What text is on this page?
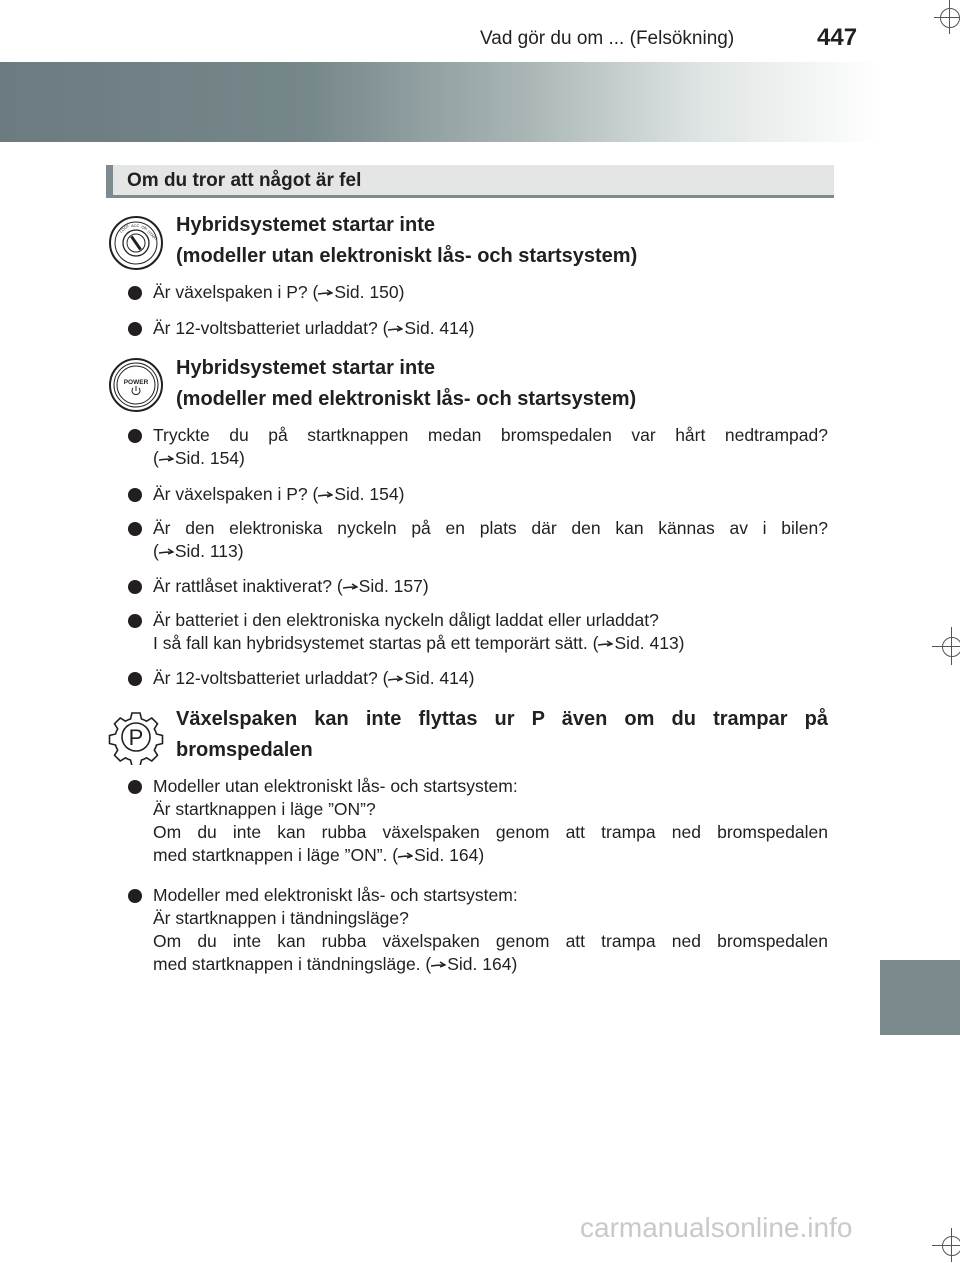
Vad gör du om ... (Felsökning)	447
Om du tror att något är fel
LOCK ACC ON
START Hybridsystemet startar inte
(modeller utan elektroniskt lås- och startsystem)
Är växelspaken i P? ( Sid. 150)
Är 12-voltsbatteriet urladdat? ( Sid. 414)
POWER
Hybridsystemet startar inte
(modeller med elektroniskt lås- och startsystem)
Tryckte du på startknappen medan bromspedalen var hårt nedtrampad?
( Sid. 154)
Är växelspaken i P? ( Sid. 154)
Är den elektroniska nyckeln på en plats där den kan kännas av i bilen?
( Sid. 113)
Är rattlåset inaktiverat? ( Sid. 157)
Är batteriet i den elektroniska nyckeln dåligt laddat eller urladdat?
I så fall kan hybridsystemet startas på ett temporärt sätt. ( Sid. 413)
Är 12-voltsbatteriet urladdat? ( Sid. 414)
P
Växelspaken kan inte flyttas ur P även om du trampar på
bromspedalen
Modeller utan elektroniskt lås- och startsystem:
Är startknappen i läge ”ON”?
Om du inte kan rubba växelspaken genom att trampa ned bromspedalen
med startknappen i läge ”ON”. ( Sid. 164)
Modeller med elektroniskt lås- och startsystem:
Är startknappen i tändningsläge?
Om du inte kan rubba växelspaken genom att trampa ned bromspedalen
med startknappen i tändningsläge. ( Sid. 164)
carmanualsonline.info
